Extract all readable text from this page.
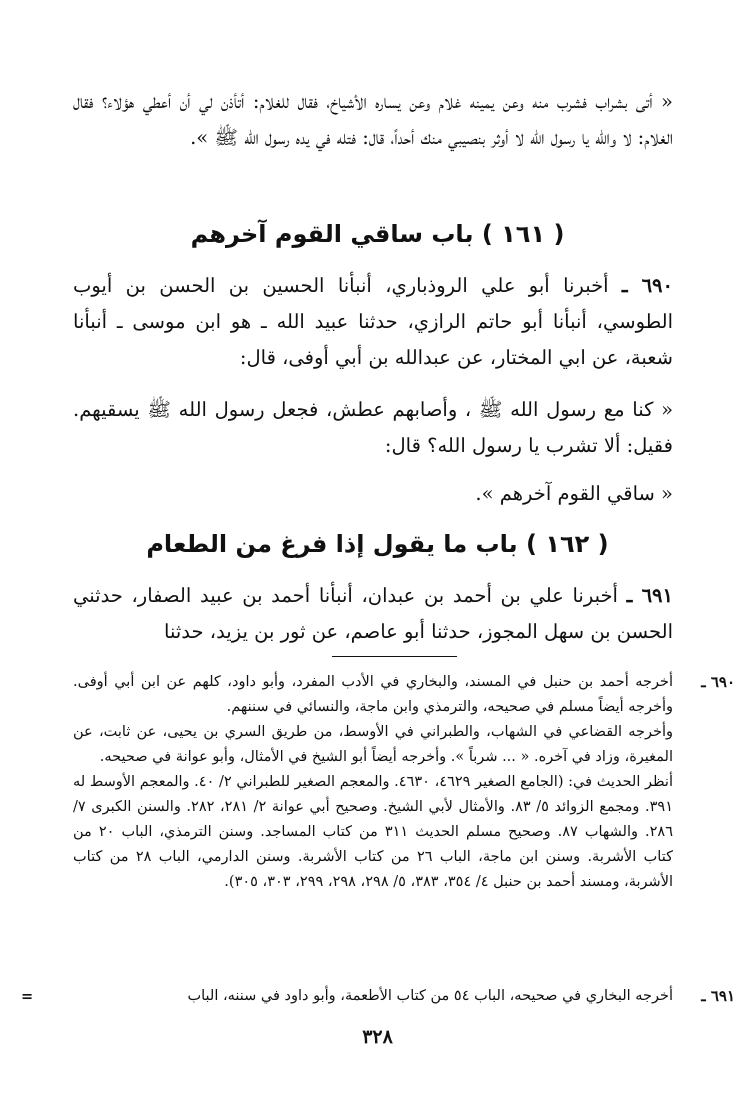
« أتى بشراب فشرب منه وعن يمينه غلام وعن يساره الأشياخ، فقال للغلام: أتأذن لي أن أعطي هؤلاء؟ فقال الغلام: لا والله يا رسول الله لا أوثر بنصيبي منك أحداً، قال: فتله في يده رسول الله ﷺ ».

( ١٦١ ) باب ساقي القوم آخرهم

٦٩٠ ـ أخبرنا أبو علي الروذباري، أنبأنا الحسين بن الحسن بن أيوب الطوسي، أنبأنا أبو حاتم الرازي، حدثنا عبيد الله ـ هو ابن موسى ـ أنبأنا شعبة، عن ابي المختار، عن عبدالله بن أبي أوفى، قال:

« كنا مع رسول الله ﷺ ، وأصابهم عطش، فجعل رسول الله ﷺ يسقيهم. فقيل: ألا تشرب يا رسول الله؟ قال:

« ساقي القوم آخرهم ».

( ١٦٢ ) باب ما يقول إذا فرغ من الطعام

٦٩١ ـ أخبرنا علي بن أحمد بن عبدان، أنبأنا أحمد بن عبيد الصفار، حدثني الحسن بن سهل المجوز، حدثنا أبو عاصم، عن ثور بن يزيد، حدثنا

٦٩٠ ـ

أخرجه أحمد بن حنبل في المسند، والبخاري في الأدب المفرد، وأبو داود، كلهم عن ابن أبي أوفى. وأخرجه أيضاً مسلم في صحيحه، والترمذي وابن ماجة، والنسائي في سننهم.

وأخرجه القضاعي في الشهاب، والطبراني في الأوسط، من طريق السري بن يحيى، عن ثابت، عن المغيرة، وزاد في آخره. « ... شرباً ». وأخرجه أيضاً أبو الشيخ في الأمثال، وأبو عوانة في صحيحه.

أنظر الحديث في: (الجامع الصغير ٤٦٢٩، ٤٦٣٠. والمعجم الصغير للطبراني ٢/ ٤٠. والمعجم الأوسط له ٣٩١. ومجمع الزوائد ٥/ ٨٣. والأمثال لأبي الشيخ. وصحيح أبي عوانة ٢/ ٢٨١، ٢٨٢. والسنن الكبرى ٧/ ٢٨٦. والشهاب ٨٧. وصحيح مسلم الحديث ٣١١ من كتاب المساجد. وسنن الترمذي، الباب ٢٠ من كتاب الأشربة. وسنن ابن ماجة، الباب ٢٦ من كتاب الأشربة. وسنن الدارمي، الباب ٢٨ من كتاب الأشربة، ومسند أحمد بن حنبل ٤/ ٣٥٤، ٣٨٣، ٥/ ٢٩٨، ٢٩٨، ٢٩٩، ٣٠٣، ٣٠٥).

٦٩١ ـ

أخرجه البخاري في صحيحه، الباب ٥٤ من كتاب الأطعمة، وأبو داود في سننه، الباب

=
٣٢٨
